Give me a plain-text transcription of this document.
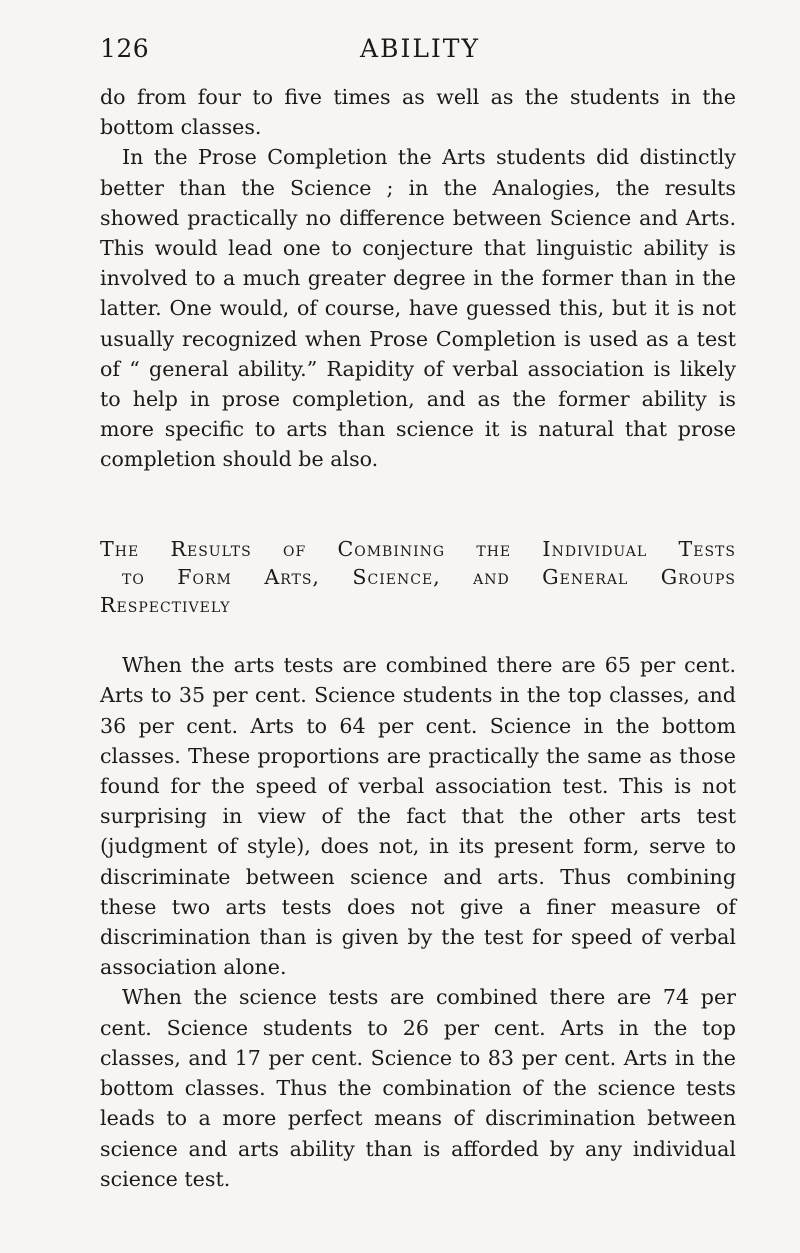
126	ABILITY

do from four to five times as well as the students in the bottom classes.

In the Prose Completion the Arts students did distinctly better than the Science ; in the Analogies, the results showed practically no difference between Science and Arts. This would lead one to conjecture that linguistic ability is involved to a much greater degree in the former than in the latter. One would, of course, have guessed this, but it is not usually recognized when Prose Completion is used as a test of “ general ability.” Rapidity of verbal association is likely to help in prose completion, and as the former ability is more specific to arts than science it is natural that prose completion should be also.

The Results of Combining the Individual Tests
to Form Arts, Science, and General Groups
Respectively

When the arts tests are combined there are 65 per cent. Arts to 35 per cent. Science students in the top classes, and 36 per cent. Arts to 64 per cent. Science in the bottom classes. These proportions are practically the same as those found for the speed of verbal association test. This is not surprising in view of the fact that the other arts test (judgment of style), does not, in its present form, serve to discriminate between science and arts. Thus combining these two arts tests does not give a finer measure of discrimination than is given by the test for speed of verbal association alone.

When the science tests are combined there are 74 per cent. Science students to 26 per cent. Arts in the top classes, and 17 per cent. Science to 83 per cent. Arts in the bottom classes. Thus the combination of the science tests leads to a more perfect means of discrimination between science and arts ability than is afforded by any individual science test.
